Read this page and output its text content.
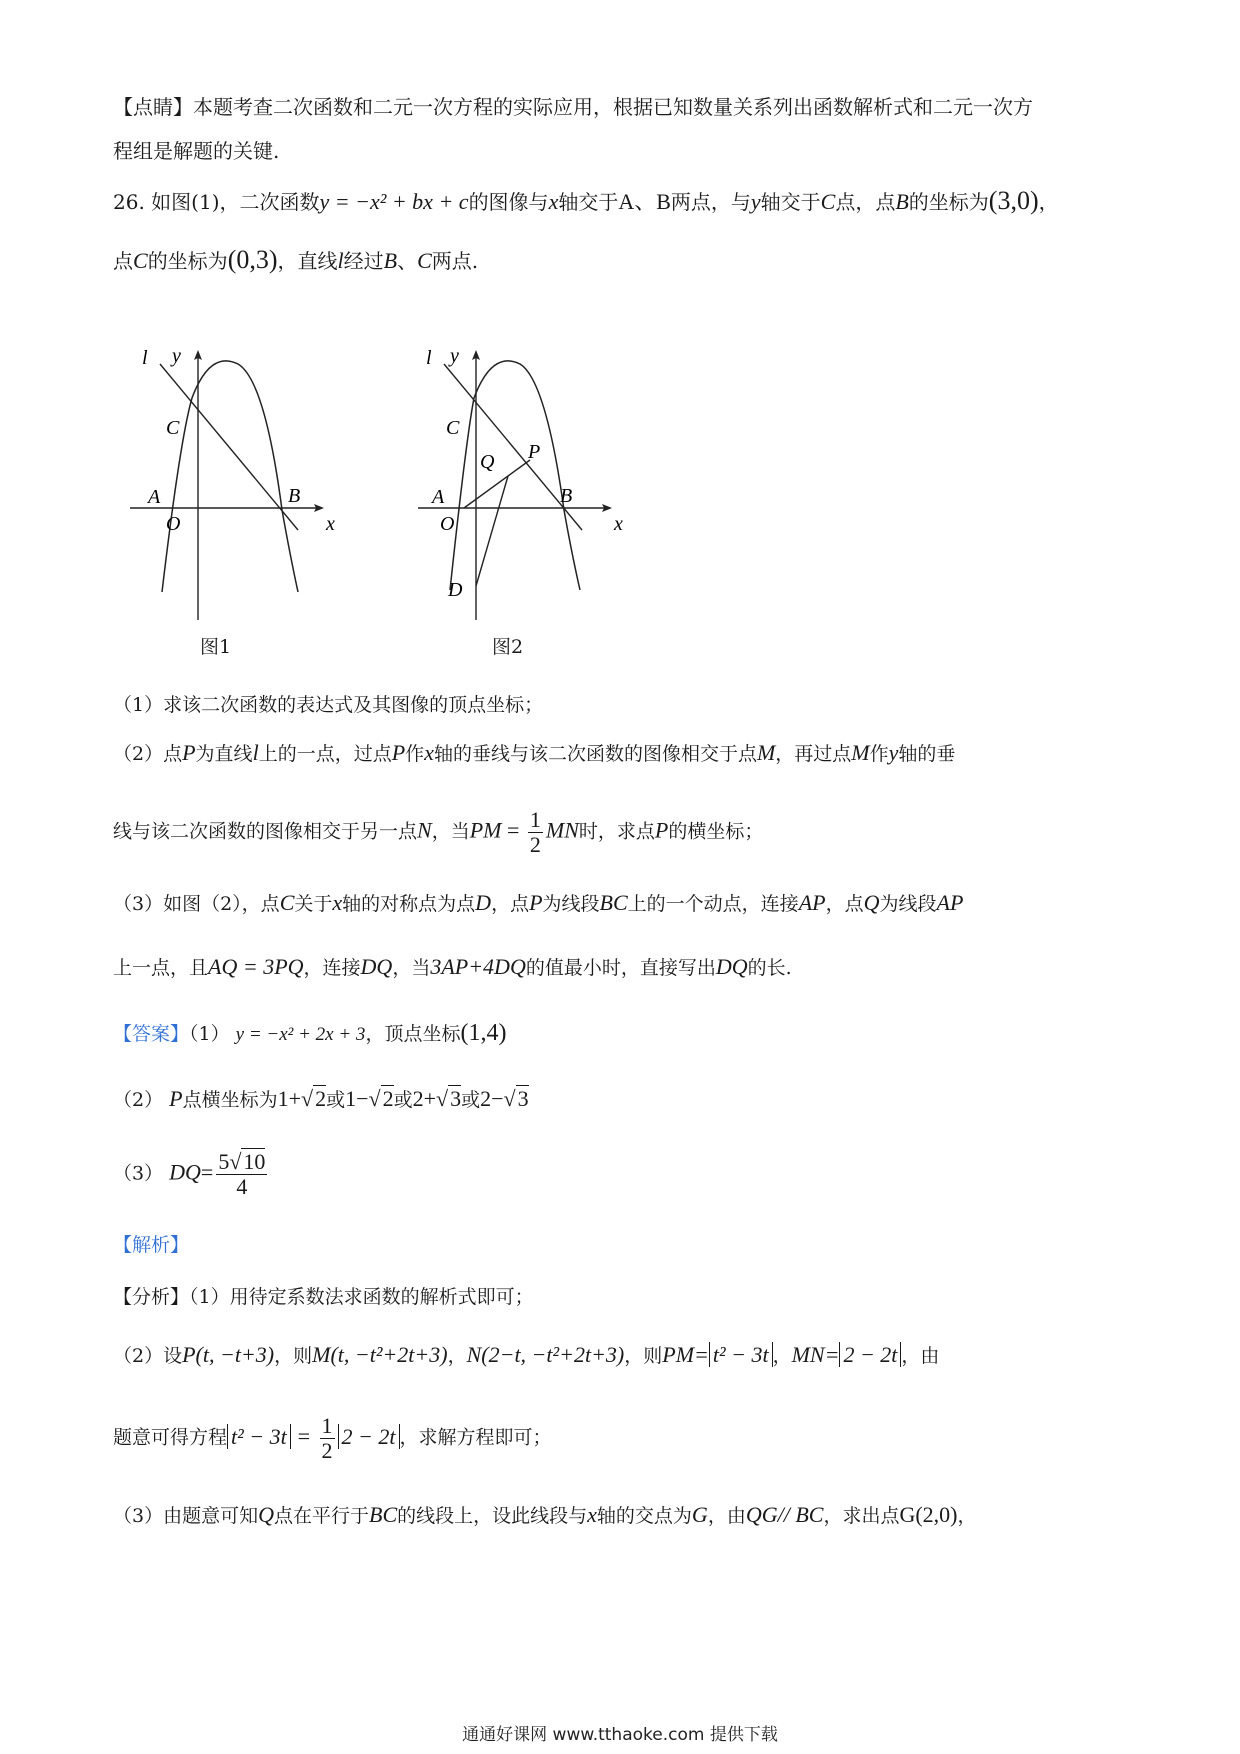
【点睛】本题考查二次函数和二元一次方程的实际应用，根据已知数量关系列出函数解析式和二元一次方
程组是解题的关键.
26. 如图(1)，二次函数y = −x² + bx + c的图像与x轴交于A、B两点，与y轴交于C点，点B的坐标为(3,0)，
点C的坐标为(0,3)，直线l经过B、C两点.
y
l
C
A
O
B
x
图1
y
l
C
Q P
A
O
B
x
D
图2
（1）求该二次函数的表达式及其图像的顶点坐标；
（2）点P为直线l上的一点，过点P作x轴的垂线与该二次函数的图像相交于点M，再过点M作y轴的垂
线与该二次函数的图像相交于另一点N，当PM = $\frac{1}{2}$ MN时，求点P的横坐标；
（3）如图（2），点C关于x轴的对称点为点D，点P为线段BC上的一个动点，连接AP，点Q为线段AP
上一点，且AQ = 3PQ，连接DQ，当3AP+4DQ的值最小时，直接写出DQ的长.
【答案】（1） y = −x² + 2x + 3，顶点坐标(1,4)
（2） P点横坐标为1+√2或1−√2或2+√3或2−√3
（3） $DQ= \frac{5√10}{4}$
【解析】
【分析】（1）用待定系数法求函数的解析式即可；
（2）设P(t, −t+3)，则M(t, −t²+2t+3)，N(2−t, −t²+2t+3)，则PM= t² − 3t ，MN= 2 − 2t ，由
题意可得方程 $t^2 - 3t = \frac{1}{2} 2 - 2t$ ，求解方程即可；
（3）由题意可知Q点在平行于BC的线段上，设此线段与x轴的交点为G，由QG// BC，求出点G(2,0)，
通通好课网 www.tthaoke.com 提供下载
